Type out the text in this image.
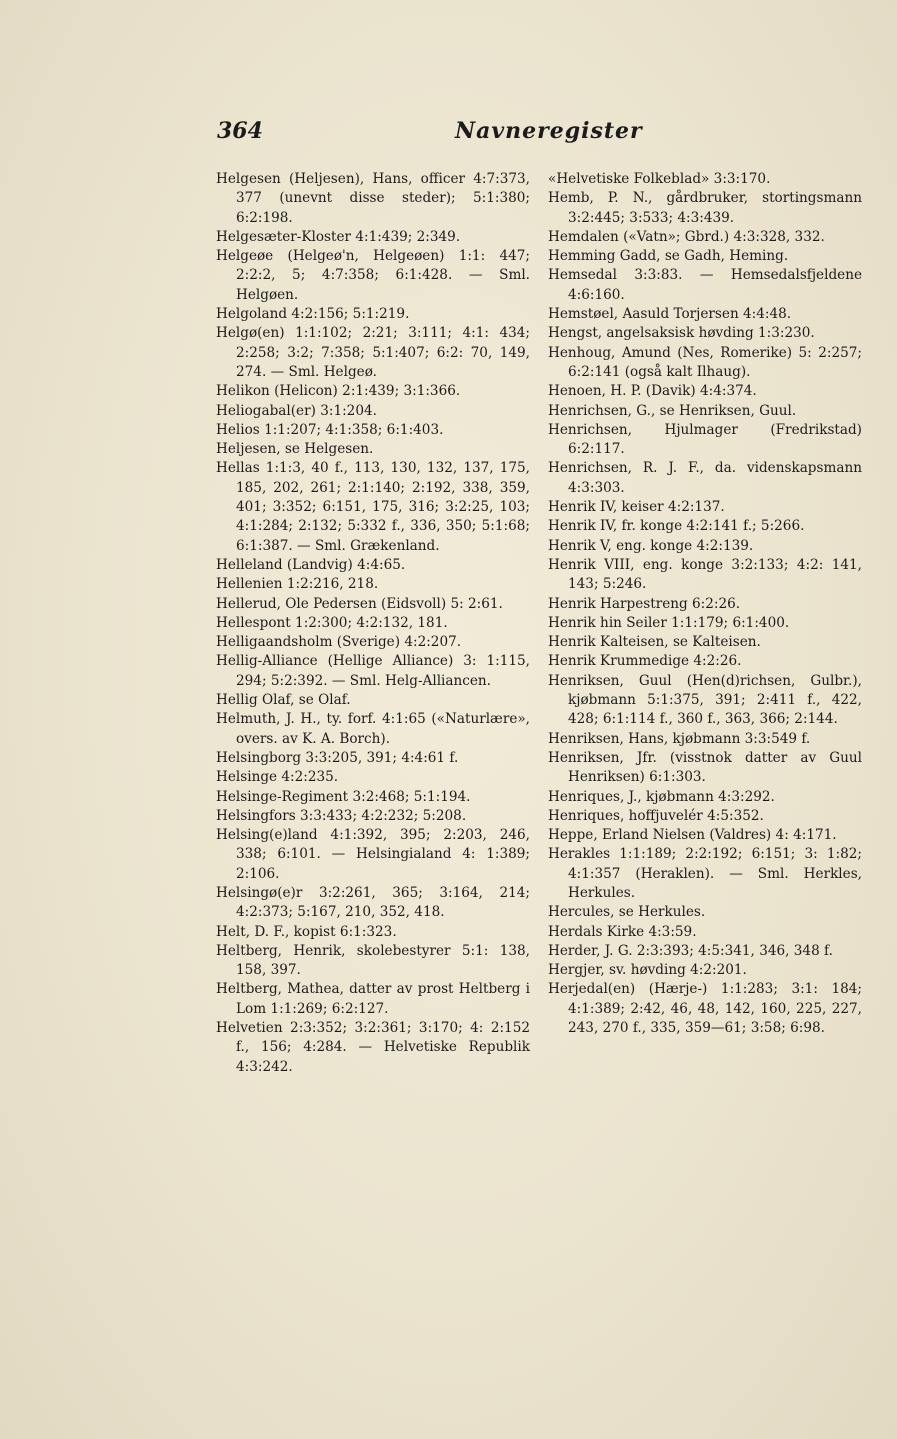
364	Navneregister

Helgesen (Heljesen), Hans, officer 4:7:373, 377 (unevnt disse steder); 5:1:380; 6:2:198.

Helgesæter-Kloster 4:1:439; 2:349.

Helgeøe (Helgeø'n, Helgeøen) 1:1: 447; 2:2:2, 5; 4:7:358; 6:1:428. — Sml. Helgøen.

Helgoland 4:2:156; 5:1:219.

Helgø(en) 1:1:102; 2:21; 3:111; 4:1: 434; 2:258; 3:2; 7:358; 5:1:407; 6:2: 70, 149, 274. — Sml. Helgeø.

Helikon (Helicon) 2:1:439; 3:1:366.

Heliogabal(er) 3:1:204.

Helios 1:1:207; 4:1:358; 6:1:403.

Heljesen, se Helgesen.

Hellas 1:1:3, 40 f., 113, 130, 132, 137, 175, 185, 202, 261; 2:1:140; 2:192, 338, 359, 401; 3:352; 6:151, 175, 316; 3:2:25, 103; 4:1:284; 2:132; 5:332 f., 336, 350; 5:1:68; 6:1:387. — Sml. Grækenland.

Helleland (Landvig) 4:4:65.

Hellenien 1:2:216, 218.

Hellerud, Ole Pedersen (Eidsvoll) 5: 2:61.

Hellespont 1:2:300; 4:2:132, 181.

Helligaandsholm (Sverige) 4:2:207.

Hellig-Alliance (Hellige Alliance) 3: 1:115, 294; 5:2:392. — Sml. Helg-Alliancen.

Hellig Olaf, se Olaf.

Helmuth, J. H., ty. forf. 4:1:65 («Naturlære», overs. av K. A. Borch).

Helsingborg 3:3:205, 391; 4:4:61 f.

Helsinge 4:2:235.

Helsinge-Regiment 3:2:468; 5:1:194.

Helsingfors 3:3:433; 4:2:232; 5:208.

Helsing(e)land 4:1:392, 395; 2:203, 246, 338; 6:101. — Helsingialand 4: 1:389; 2:106.

Helsingø(e)r 3:2:261, 365; 3:164, 214; 4:2:373; 5:167, 210, 352, 418.

Helt, D. F., kopist 6:1:323.

Heltberg, Henrik, skolebestyrer 5:1: 138, 158, 397.

Heltberg, Mathea, datter av prost Heltberg i Lom 1:1:269; 6:2:127.

Helvetien 2:3:352; 3:2:361; 3:170; 4: 2:152 f., 156; 4:284. — Helvetiske Republik 4:3:242.

«Helvetiske Folkeblad» 3:3:170.

Hemb, P. N., gårdbruker, stortingsmann 3:2:445; 3:533; 4:3:439.

Hemdalen («Vatn»; Gbrd.) 4:3:328, 332.

Hemming Gadd, se Gadh, Heming.

Hemsedal 3:3:83. — Hemsedalsfjeldene 4:6:160.

Hemstøel, Aasuld Torjersen 4:4:48.

Hengst, angelsaksisk høvding 1:3:230.

Henhoug, Amund (Nes, Romerike) 5: 2:257; 6:2:141 (også kalt Ilhaug).

Henoen, H. P. (Davik) 4:4:374.

Henrichsen, G., se Henriksen, Guul.

Henrichsen, Hjulmager (Fredrikstad) 6:2:117.

Henrichsen, R. J. F., da. videnskapsmann 4:3:303.

Henrik IV, keiser 4:2:137.

Henrik IV, fr. konge 4:2:141 f.; 5:266.

Henrik V, eng. konge 4:2:139.

Henrik VIII, eng. konge 3:2:133; 4:2: 141, 143; 5:246.

Henrik Harpestreng 6:2:26.

Henrik hin Seiler 1:1:179; 6:1:400.

Henrik Kalteisen, se Kalteisen.

Henrik Krummedige 4:2:26.

Henriksen, Guul (Hen(d)richsen, Gulbr.), kjøbmann 5:1:375, 391; 2:411 f., 422, 428; 6:1:114 f., 360 f., 363, 366; 2:144.

Henriksen, Hans, kjøbmann 3:3:549 f.

Henriksen, Jfr. (visstnok datter av Guul Henriksen) 6:1:303.

Henriques, J., kjøbmann 4:3:292.

Henriques, hoffjuvelér 4:5:352.

Heppe, Erland Nielsen (Valdres) 4: 4:171.

Herakles 1:1:189; 2:2:192; 6:151; 3: 1:82; 4:1:357 (Heraklen). — Sml. Herkles, Herkules.

Hercules, se Herkules.

Herdals Kirke 4:3:59.

Herder, J. G. 2:3:393; 4:5:341, 346, 348 f.

Hergjer, sv. høvding 4:2:201.

Herjedal(en) (Hærje-) 1:1:283; 3:1: 184; 4:1:389; 2:42, 46, 48, 142, 160, 225, 227, 243, 270 f., 335, 359—61; 3:58; 6:98.
